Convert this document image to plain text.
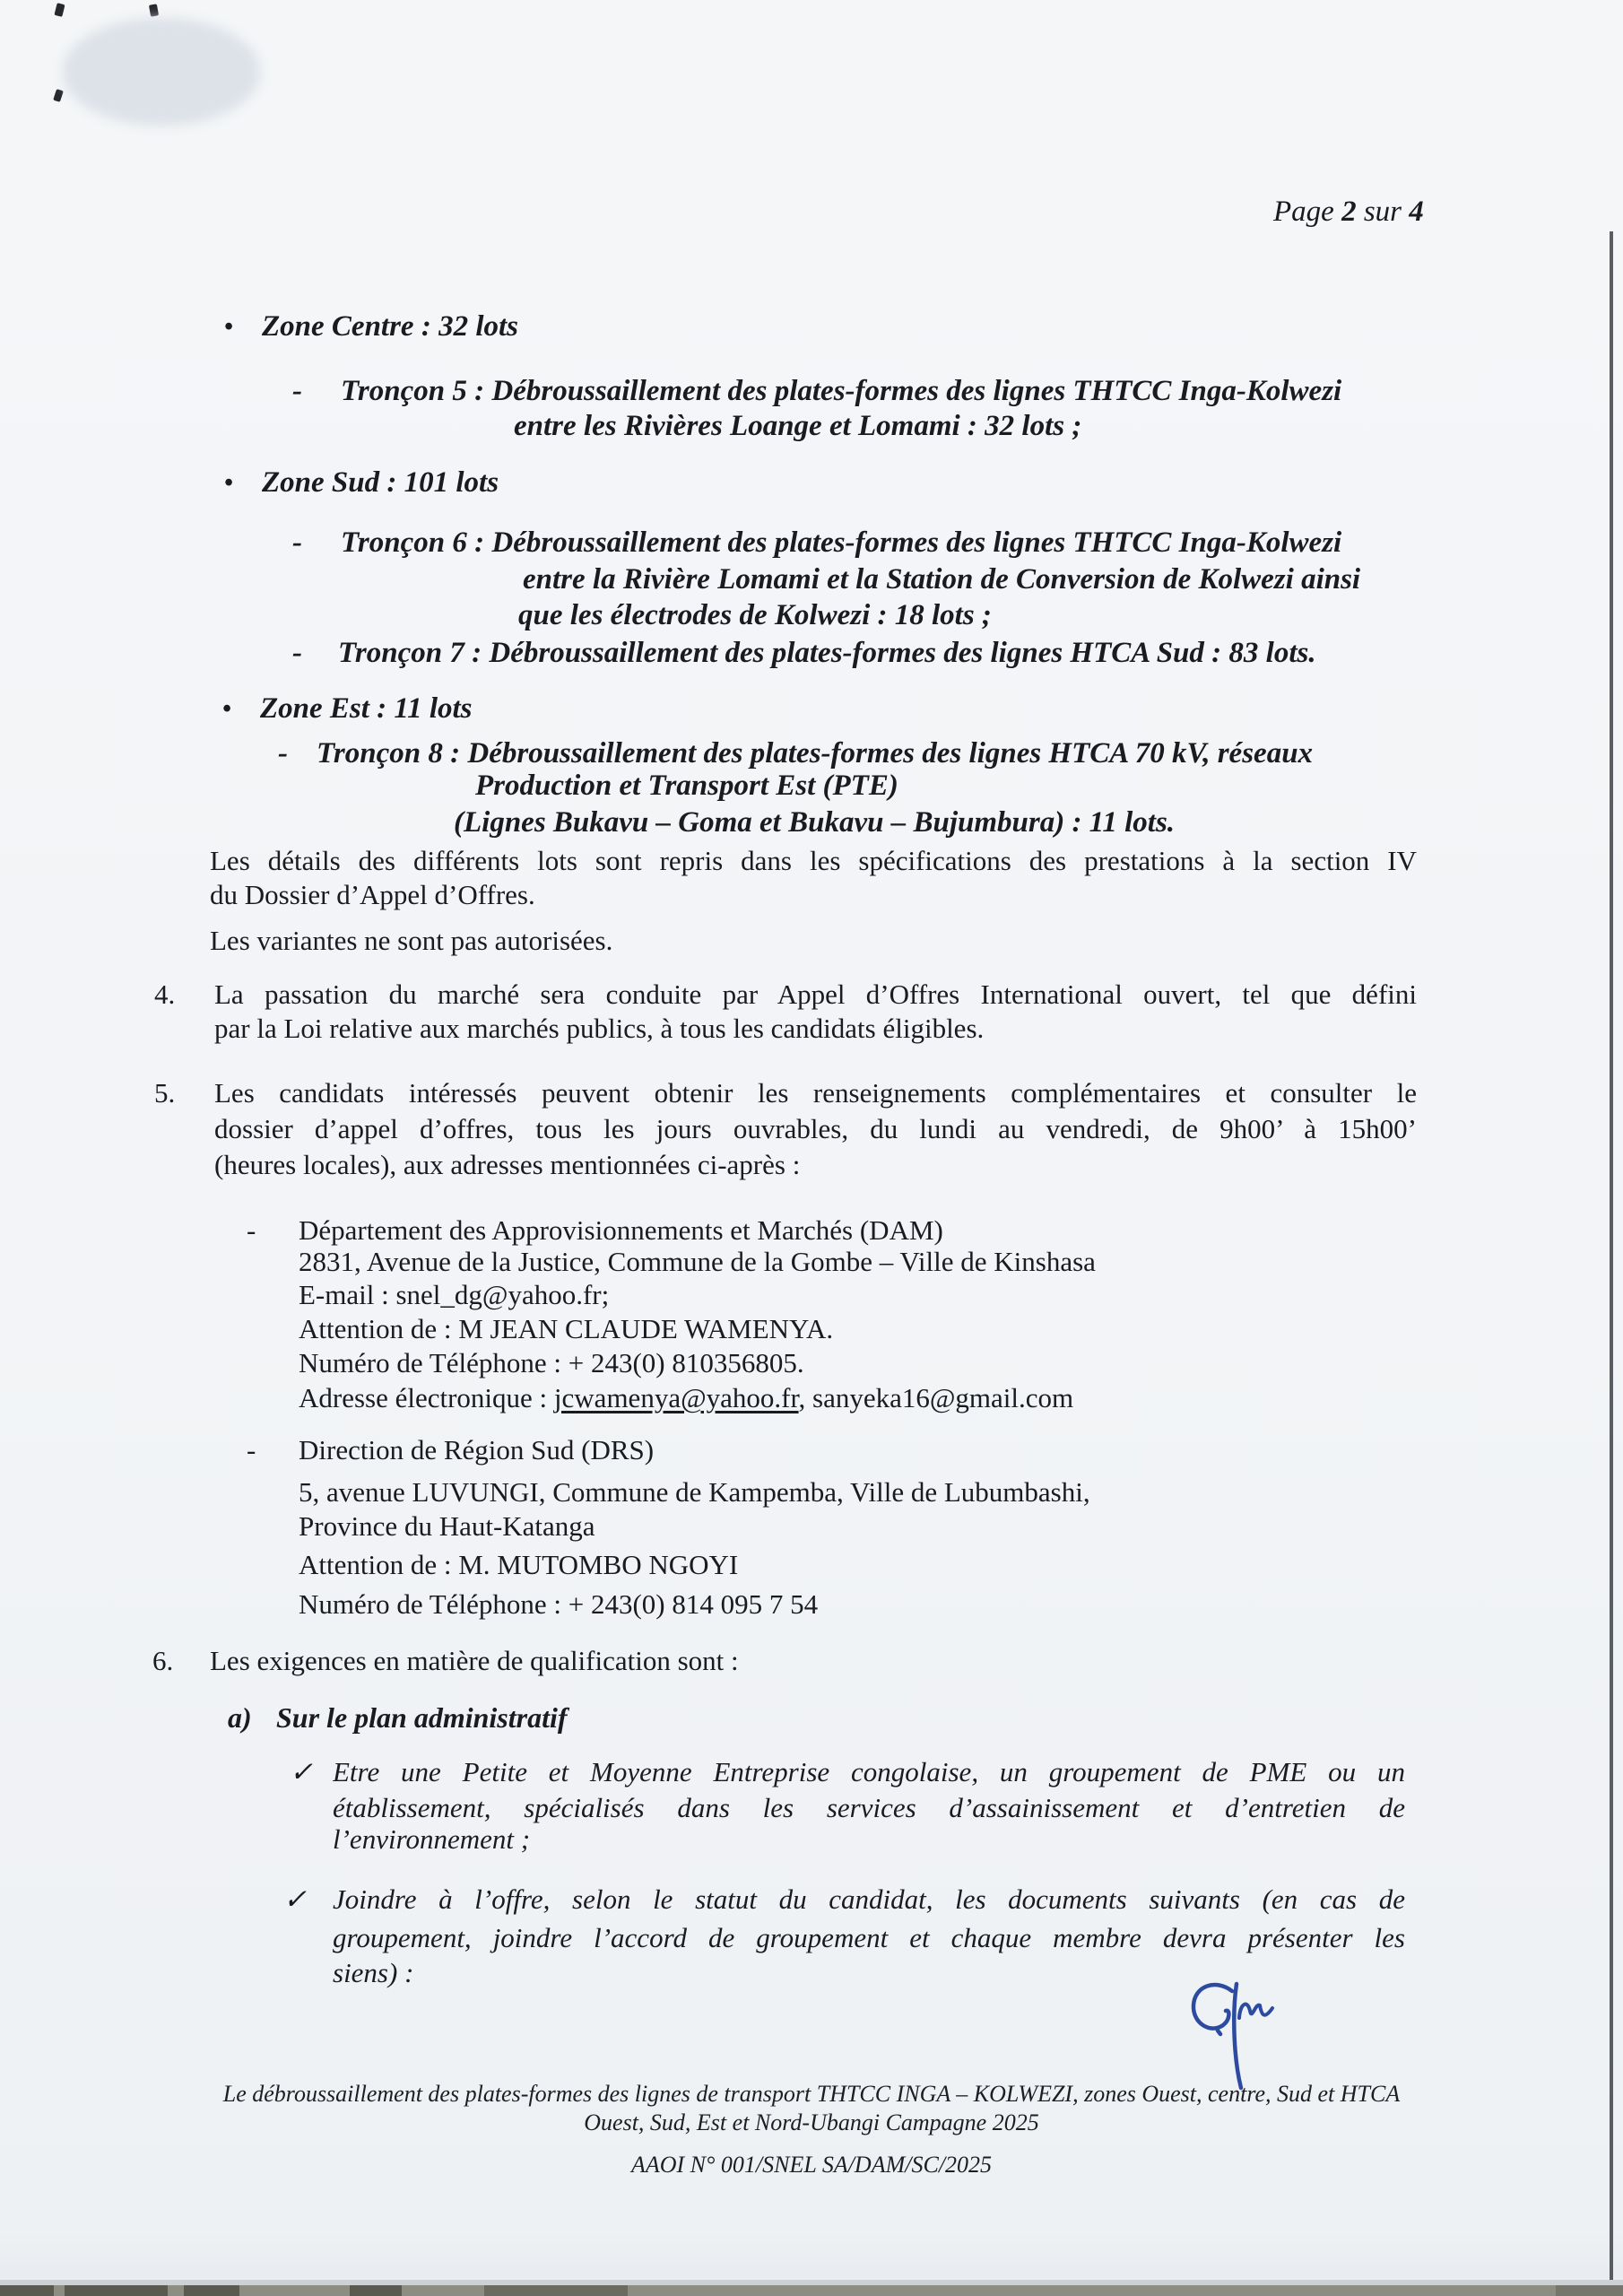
Page 2 sur 4
• Zone Centre : 32 lots
- Tronçon 5 : Débroussaillement des plates-formes des lignes THTCC Inga-Kolwezi
entre les Rivières Loange et Lomami : 32 lots ;
• Zone Sud : 101 lots
- Tronçon 6 : Débroussaillement des plates-formes des lignes THTCC Inga-Kolwezi
entre la Rivière Lomami et la Station de Conversion de Kolwezi ainsi
que les électrodes de Kolwezi : 18 lots ;
- Tronçon 7 : Débroussaillement des plates-formes des lignes HTCA Sud : 83 lots.
• Zone Est : 11 lots
- Tronçon 8 : Débroussaillement des plates-formes des lignes HTCA 70 kV, réseaux
Production et Transport Est (PTE)
(Lignes Bukavu – Goma et Bukavu – Bujumbura) : 11 lots.
Les détails des différents lots sont repris dans les spécifications des prestations à la section IV
du Dossier d’Appel d’Offres.
Les variantes ne sont pas autorisées.
4. La passation du marché sera conduite par Appel d’Offres International ouvert, tel que défini
par la Loi relative aux marchés publics, à tous les candidats éligibles.
5. Les candidats intéressés peuvent obtenir les renseignements complémentaires et consulter le
dossier d’appel d’offres, tous les jours ouvrables, du lundi au vendredi, de 9h00’ à 15h00’
(heures locales), aux adresses mentionnées ci-après :
- Département des Approvisionnements et Marchés (DAM)
2831, Avenue de la Justice, Commune de la Gombe – Ville de Kinshasa
E-mail : snel_dg@yahoo.fr;
Attention de : M JEAN CLAUDE WAMENYA.
Numéro de Téléphone : + 243(0) 810356805.
Adresse électronique : jcwamenya@yahoo.fr, sanyeka16@gmail.com
- Direction de Région Sud (DRS)
5, avenue LUVUNGI, Commune de Kampemba, Ville de Lubumbashi,
Province du Haut-Katanga
Attention de : M. MUTOMBO NGOYI
Numéro de Téléphone : + 243(0) 814 095 7 54
6. Les exigences en matière de qualification sont :
a) Sur le plan administratif
✓ Etre une Petite et Moyenne Entreprise congolaise, un groupement de PME ou un
établissement, spécialisés dans les services d’assainissement et d’entretien de
l’environnement ;
✓ Joindre à l’offre, selon le statut du candidat, les documents suivants (en cas de
groupement, joindre l’accord de groupement et chaque membre devra présenter les
siens) :
Le débroussaillement des plates-formes des lignes de transport THTCC INGA – KOLWEZI, zones Ouest, centre, Sud et HTCA
Ouest, Sud, Est et Nord-Ubangi Campagne 2025
AAOI N° 001/SNEL SA/DAM/SC/2025
